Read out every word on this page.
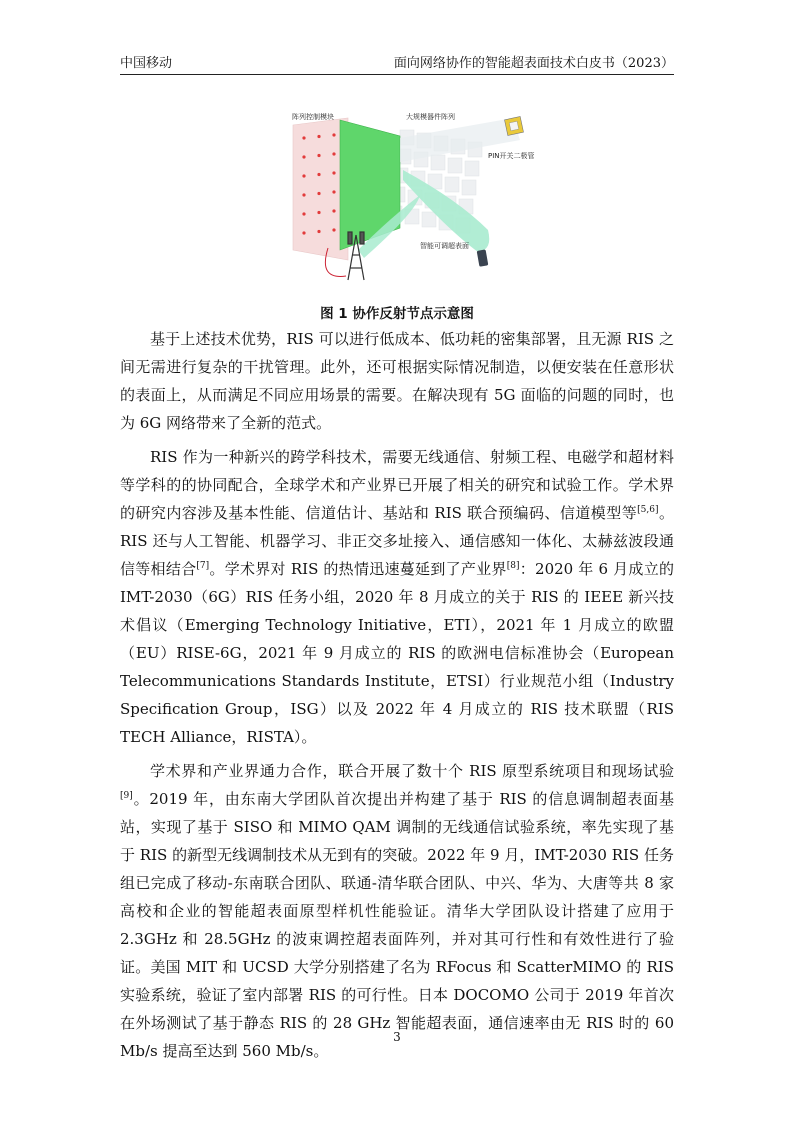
中国移动	面向网络协作的智能超表面技术白皮书（2023）
阵列控制模块	大规模器件阵列
PIN开关二极管
智能可调超表面
图 1 协作反射节点示意图

基于上述技术优势，RIS 可以进行低成本、低功耗的密集部署，且无源 RIS 之间无需进行复杂的干扰管理。此外，还可根据实际情况制造，以便安装在任意形状的表面上，从而满足不同应用场景的需要。在解决现有 5G 面临的问题的同时，也为 6G 网络带来了全新的范式。

RIS 作为一种新兴的跨学科技术，需要无线通信、射频工程、电磁学和超材料等学科的的协同配合，全球学术和产业界已开展了相关的研究和试验工作。学术界的研究内容涉及基本性能、信道估计、基站和 RIS 联合预编码、信道模型等[5,6]。RIS 还与人工智能、机器学习、非正交多址接入、通信感知一体化、太赫兹波段通信等相结合[7]。学术界对 RIS 的热情迅速蔓延到了产业界[8]：2020 年 6 月成立的 IMT-2030（6G）RIS 任务小组，2020 年 8 月成立的关于 RIS 的 IEEE 新兴技术倡议（Emerging Technology Initiative，ETI），2021 年 1 月成立的欧盟（EU）RISE-6G，2021 年 9 月成立的 RIS 的欧洲电信标准协会（European Telecommunications Standards Institute，ETSI）行业规范小组（Industry Specification Group，ISG）以及 2022 年 4 月成立的 RIS 技术联盟（RIS TECH Alliance，RISTA）。

学术界和产业界通力合作，联合开展了数十个 RIS 原型系统项目和现场试验[9]。2019 年，由东南大学团队首次提出并构建了基于 RIS 的信息调制超表面基站，实现了基于 SISO 和 MIMO QAM 调制的无线通信试验系统，率先实现了基于 RIS 的新型无线调制技术从无到有的突破。2022 年 9 月，IMT-2030 RIS 任务组已完成了移动-东南联合团队、联通-清华联合团队、中兴、华为、大唐等共 8 家高校和企业的智能超表面原型样机性能验证。清华大学团队设计搭建了应用于 2.3GHz 和 28.5GHz 的波束调控超表面阵列，并对其可行性和有效性进行了验证。美国 MIT 和 UCSD 大学分别搭建了名为 RFocus 和 ScatterMIMO 的 RIS 实验系统，验证了室内部署 RIS 的可行性。日本 DOCOMO 公司于 2019 年首次在外场测试了基于静态 RIS 的 28 GHz 智能超表面，通信速率由无 RIS 时的 60 Mb/s 提高至达到 560 Mb/s。

3
